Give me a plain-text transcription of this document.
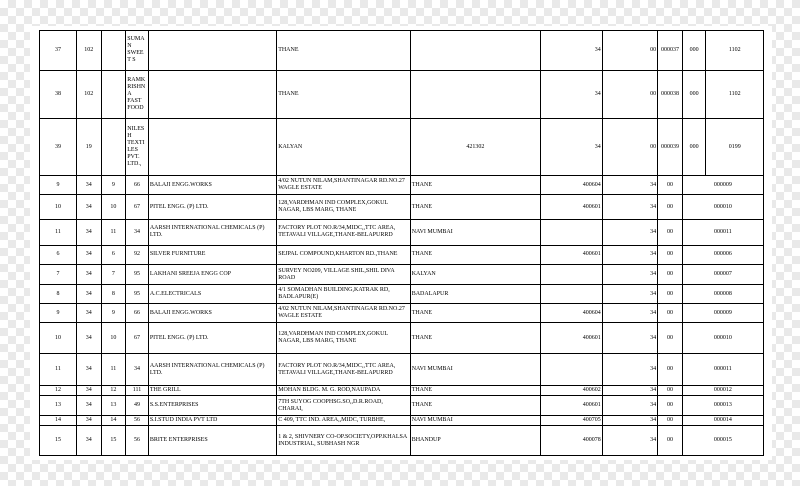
37	102		SUMA N SWEET S		THANE		34	00	000037	000	1102
38	102		RAMK RISHN A FAST FOOD		THANE		34	00	000038	000	1102
39	19		NILES H TEXTI LES PVT. LTD.,		KALYAN	421302	34	00	000039	000	0199
9	34	9	66	BALAJI ENGG.WORKS	4/02 NUTUN NILAM,SHANTINAGAR RD.NO.27 WAGLE ESTATE	THANE	400604	34	00	000009	
10	34	10	67	PITEL ENGG. (P) LTD.	128,VARDHMAN IND COMPLEX,GOKUL NAGAR, LBS MARG, THANE	THANE	400601	34	00	000010	
11	34	11	34	AARSH INTERNATIONAL CHEMICALS (P) LTD.	FACTORY PLOT NO.R/34,MIDC,,TTC AREA, TETAVALI VILLAGE,THANE-BELAPURRD	NAVI MUMBAI		34	00	000011	
6	34	6	92	SILVER FURNITURE	SEJPAL COMPOUND,KHARTON RD.,THANE	THANE	400601	34	00	000006	
7	34	7	95	LAKHANI SREEJA ENGG COP	SURVEY NO209, VILLAGE SHIL,SHIL DIVA ROAD	KALYAN		34	00	000007	
8	34	8	95	A.C.ELECTRICALS	4/1 SOMADHAN BUILDING,KATRAK RD, BADLAPUR(E)	BADALAPUR		34	00	000008	
9	34	9	66	BALAJI ENGG.WORKS	4/02 NUTUN NILAM,SHANTINAGAR RD.NO.27 WAGLE ESTATE	THANE	400604	34	00	000009	
10	34	10	67	PITEL ENGG. (P) LTD.	128,VARDHMAN IND COMPLEX,GOKUL NAGAR, LBS MARG, THANE	THANE	400601	34	00	000010	
11	34	11	34	AARSH INTERNATIONAL CHEMICALS (P) LTD.	FACTORY PLOT NO.R/34,MIDC,,TTC AREA, TETAVALI VILLAGE,THANE-BELAPURRD	NAVI MUMBAI		34	00	000011	
12	34	12	111	THE GRILL	MOHAN BLDG. M. G. ROD,NAUPADA	THANE	400602	34	00	000012	
13	34	13	49	S.S.ENTERPRISES	7TH SUYOG COOPHSG.SO,,D.R.ROAD, CHARAI,	THANE	400601	34	00	000013	
14	34	14	56	S.I.STUD INDIA PVT LTD	C 409, TTC IND. AREA,,MIDC, TURBHE,	NAVI MUMBAI	400705	34	00	000014	
15	34	15	56	BRITE ENTERPRISES	1 & 2, SHIVNERY CO-OP.SOCIETY,OPP.KHALSA INDUSTRIAL, SUBHASH NGR	BHANDUP	400078	34	00	000015	
